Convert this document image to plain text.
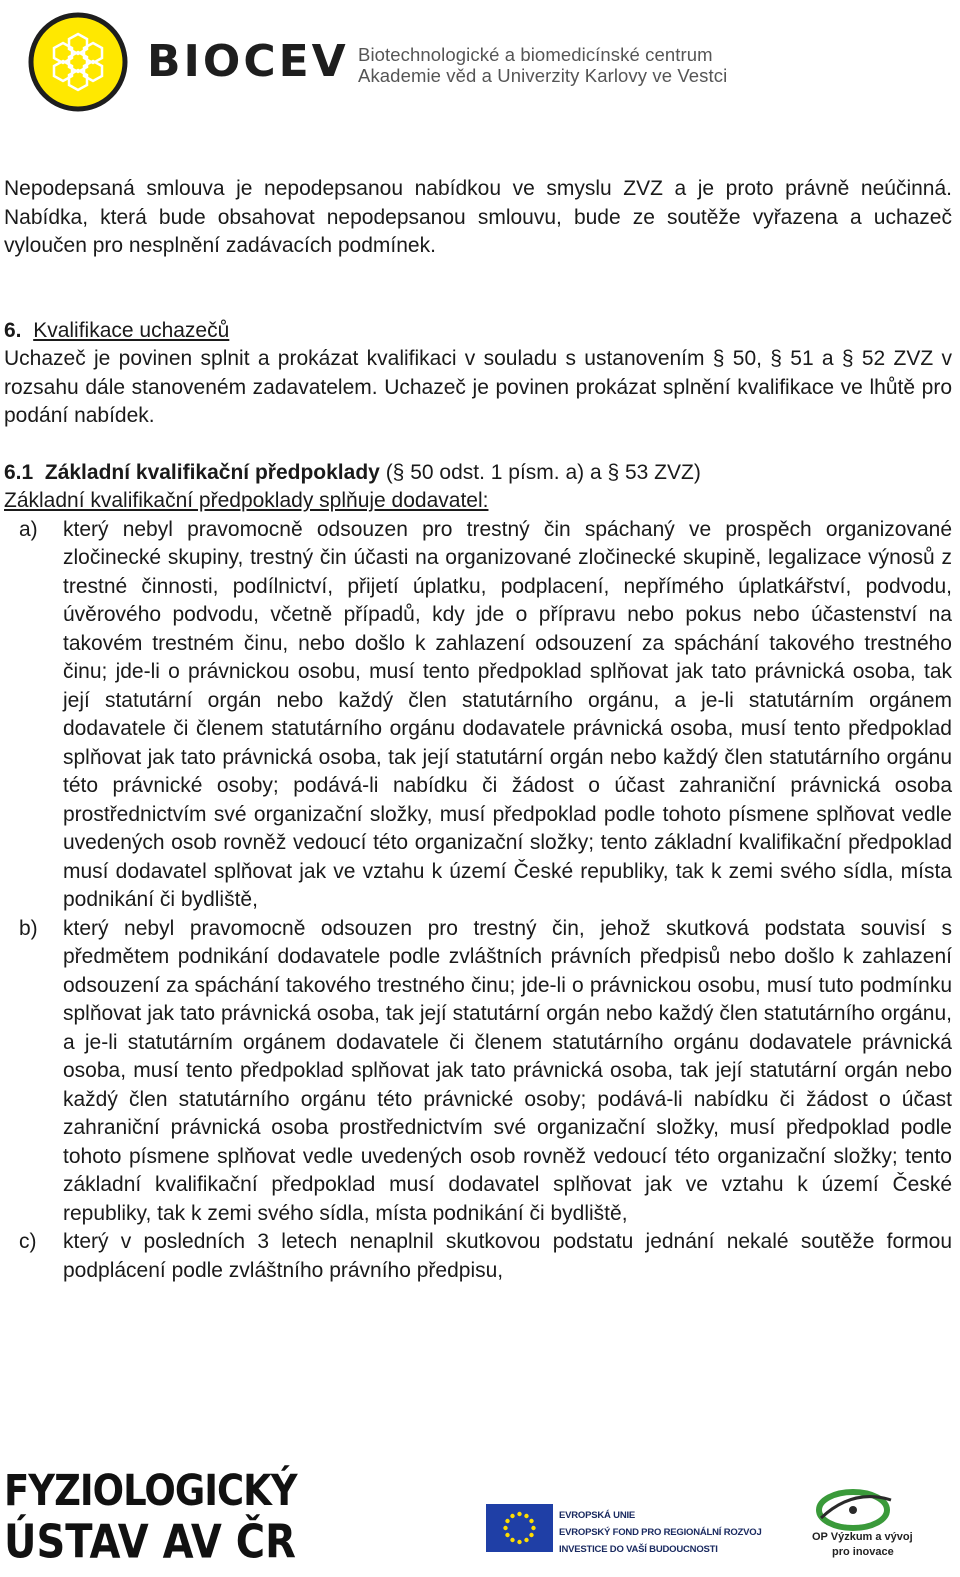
BIOCEV Biotechnologické a biomedicínské centrum
Akademie věd a Univerzity Karlovy ve Vestci

Nepodepsaná smlouva je nepodepsanou nabídkou ve smyslu ZVZ a je proto právně neúčinná. Nabídka, která bude obsahovat nepodepsanou smlouvu, bude ze soutěže vyřazena a uchazeč vyloučen pro nesplnění zadávacích podmínek.

6. Kvalifikace uchazečů

Uchazeč je povinen splnit a prokázat kvalifikaci v souladu s ustanovením § 50, § 51 a § 52 ZVZ v rozsahu dále stanoveném zadavatelem. Uchazeč je povinen prokázat splnění kvalifikace ve lhůtě pro podání nabídek.

6.1 Základní kvalifikační předpoklady (§ 50 odst. 1 písm. a) a § 53 ZVZ)

Základní kvalifikační předpoklady splňuje dodavatel:

a) který nebyl pravomocně odsouzen pro trestný čin spáchaný ve prospěch organizované zločinecké skupiny, trestný čin účasti na organizované zločinecké skupině, legalizace výnosů z trestné činnosti, podílnictví, přijetí úplatku, podplacení, nepřímého úplatkářství, podvodu, úvěrového podvodu, včetně případů, kdy jde o přípravu nebo pokus nebo účastenství na takovém trestném činu, nebo došlo k zahlazení odsouzení za spáchání takového trestného činu; jde-li o právnickou osobu, musí tento předpoklad splňovat jak tato právnická osoba, tak její statutární orgán nebo každý člen statutárního orgánu, a je-li statutárním orgánem dodavatele či členem statutárního orgánu dodavatele právnická osoba, musí tento předpoklad splňovat jak tato právnická osoba, tak její statutární orgán nebo každý člen statutárního orgánu této právnické osoby; podává-li nabídku či žádost o účast zahraniční právnická osoba prostřednictvím své organizační složky, musí předpoklad podle tohoto písmene splňovat vedle uvedených osob rovněž vedoucí této organizační složky; tento základní kvalifikační předpoklad musí dodavatel splňovat jak ve vztahu k území České republiky, tak k zemi svého sídla, místa podnikání či bydliště,
b) který nebyl pravomocně odsouzen pro trestný čin, jehož skutková podstata souvisí s předmětem podnikání dodavatele podle zvláštních právních předpisů nebo došlo k zahlazení odsouzení za spáchání takového trestného činu; jde-li o právnickou osobu, musí tuto podmínku splňovat jak tato právnická osoba, tak její statutární orgán nebo každý člen statutárního orgánu, a je-li statutárním orgánem dodavatele či členem statutárního orgánu dodavatele právnická osoba, musí tento předpoklad splňovat jak tato právnická osoba, tak její statutární orgán nebo každý člen statutárního orgánu této právnické osoby; podává-li nabídku či žádost o účast zahraniční právnická osoba prostřednictvím své organizační složky, musí předpoklad podle tohoto písmene splňovat vedle uvedených osob rovněž vedoucí této organizační složky; tento základní kvalifikační předpoklad musí dodavatel splňovat jak ve vztahu k území České republiky, tak k zemi svého sídla, místa podnikání či bydliště,
c) který v posledních 3 letech nenaplnil skutkovou podstatu jednání nekalé soutěže formou podplácení podle zvláštního právního předpisu,
FYZIOLOGICKÝ
ÚSTAV AV ČR
EVROPSKÁ UNIE
EVROPSKÝ FOND PRO REGIONÁLNÍ ROZVOJ
INVESTICE DO VAŠÍ BUDOUCNOSTI
OP Výzkum a vývoj
pro inovace
